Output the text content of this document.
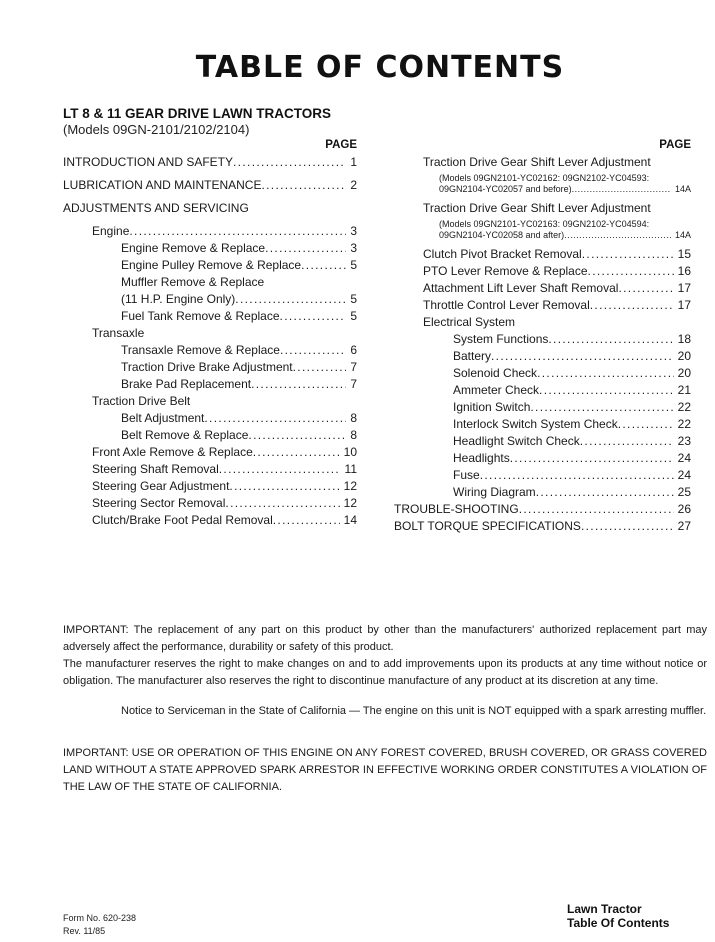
TABLE OF CONTENTS
LT 8 & 11 GEAR DRIVE LAWN TRACTORS
(Models 09GN-2101/2102/2104)
PAGE	PAGE
INTRODUCTION AND SAFETY . . .	1
LUBRICATION AND MAINTENANCE . . .	2
ADJUSTMENTS AND SERVICING
Engine . . .	3
Engine Remove & Replace . . .	3
Engine Pulley Remove & Replace . . .	5
Muffler Remove & Replace
(11 H.P. Engine Only) . . .	5
Fuel Tank Remove & Replace . . .	5
Transaxle
Transaxle Remove & Replace . . .	6
Traction Drive Brake Adjustment . . .	7
Brake Pad Replacement . . .	7
Traction Drive Belt
Belt Adjustment . . .	8
Belt Remove & Replace . . .	8
Front Axle Remove & Replace . . .	10
Steering Shaft Removal . . .	11
Steering Gear Adjustment . . .	12
Steering Sector Removal . . .	12
Clutch/Brake Foot Pedal Removal . . .	14
Traction Drive Gear Shift Lever Adjustment
(Models 09GN2101-YC02162: 09GN2102-YC04593:
09GN2104-YC02057 and before) . . .	14A
Traction Drive Gear Shift Lever Adjustment
(Models 09GN2101-YC02163: 09GN2102-YC04594:
09GN2104-YC02058 and after) . . .	14A
Clutch Pivot Bracket Removal . . .	15
PTO Lever Remove & Replace . . .	16
Attachment Lift Lever Shaft Removal . . .	17
Throttle Control Lever Removal . . .	17
Electrical System
System Functions . . .	18
Battery . . .	20
Solenoid Check . . .	20
Ammeter Check . . .	21
Ignition Switch . . .	22
Interlock Switch System Check . . .	22
Headlight Switch Check . . .	23
Headlights . . .	24
Fuse . . .	24
Wiring Diagram . . .	25
TROUBLE-SHOOTING . . .	26
BOLT TORQUE SPECIFICATIONS . . .	27
IMPORTANT: The replacement of any part on this product by other than the manufacturers' authorized replacement part may adversely affect the performance, durability or safety of this product.
The manufacturer reserves the right to make changes on and to add improvements upon its products at any time without notice or obligation. The manufacturer also reserves the right to discontinue manufacture of any product at its discretion at any time.
Notice to Serviceman in the State of California — The engine on this unit is NOT equipped with a spark arresting muffler.
IMPORTANT: USE OR OPERATION OF THIS ENGINE ON ANY FOREST COVERED, BRUSH COVERED, OR GRASS COVERED LAND WITHOUT A STATE APPROVED SPARK ARRESTOR IN EFFECTIVE WORKING ORDER CONSTITUTES A VIOLATION OF THE LAW OF THE STATE OF CALIFORNIA.
Form No. 620-238
Rev. 11/85
Lawn Tractor
Table Of Contents
